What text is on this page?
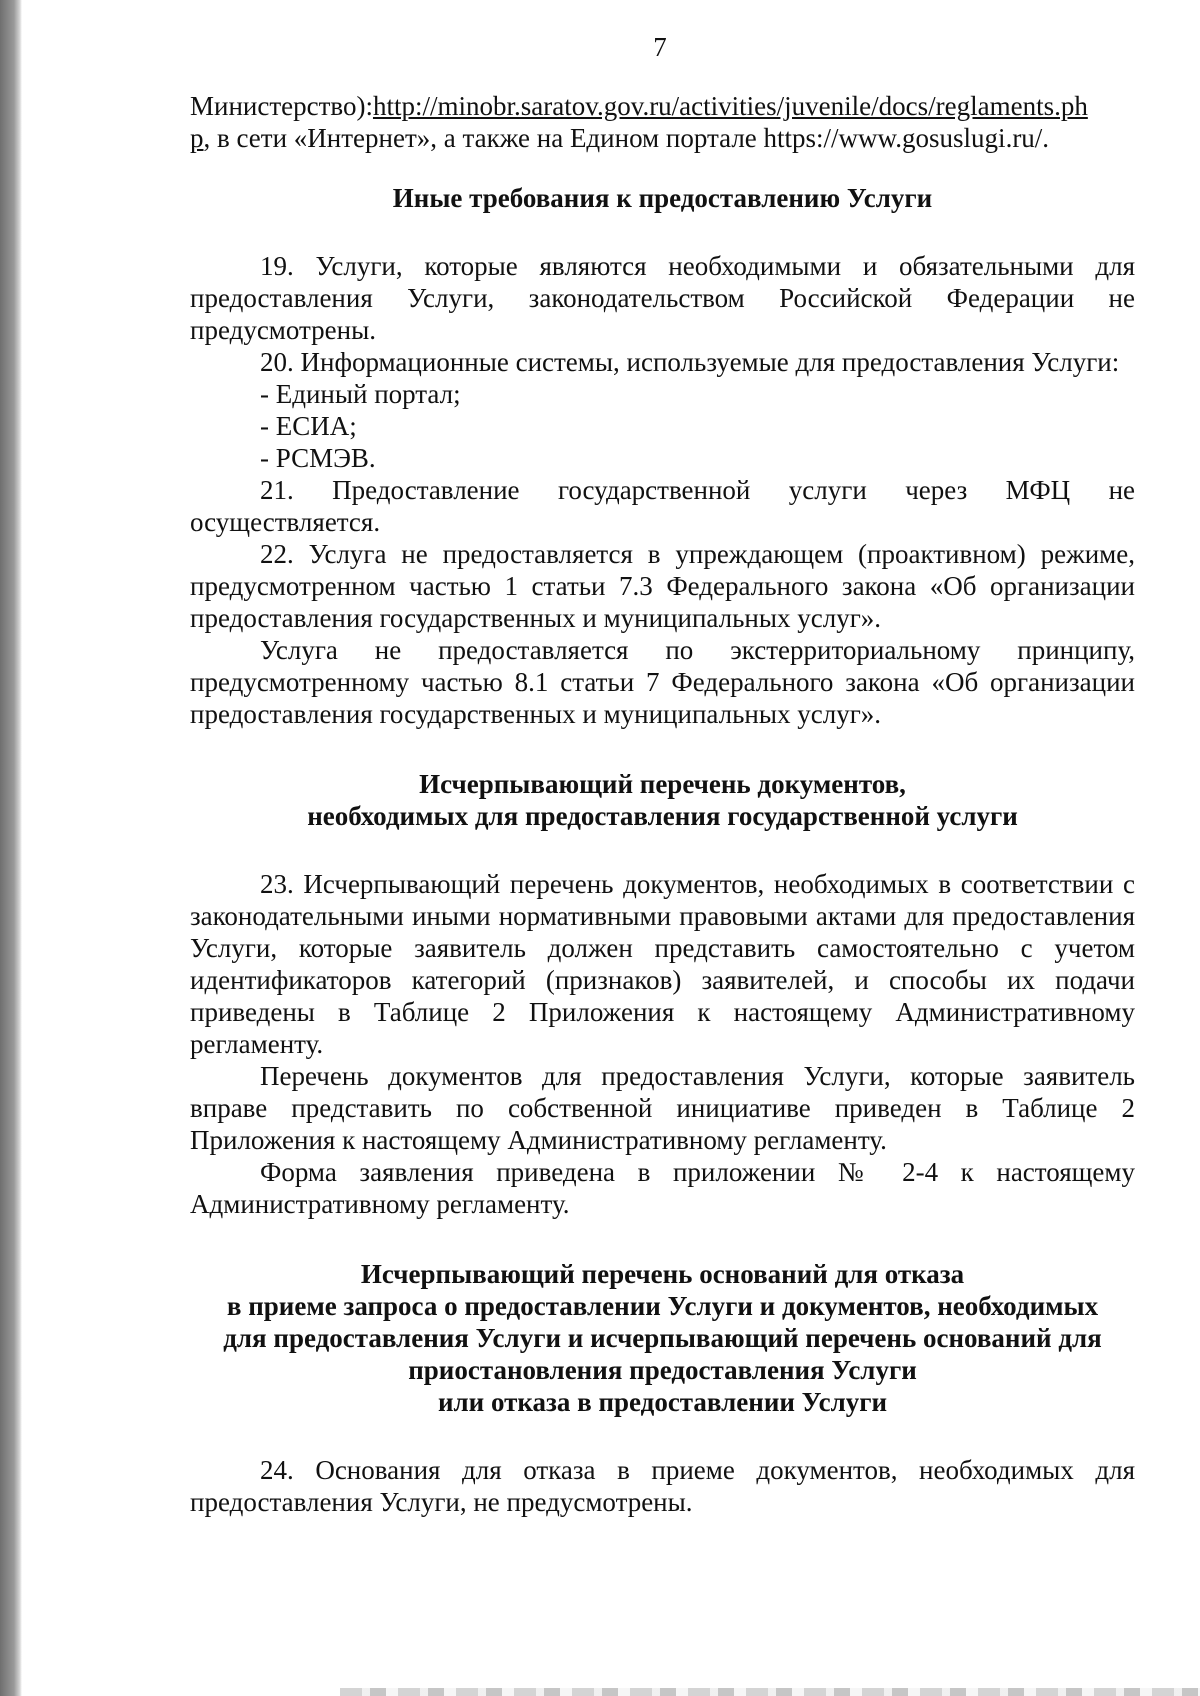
7

Министерство):http://minobr.saratov.gov.ru/activities/juvenile/docs/reglaments.ph
p, в сети «Интернет», а также на Едином портале https://www.gosuslugi.ru/.

Иные требования к предоставлению Услуги

19. Услуги, которые являются необходимыми и обязательными для предоставления Услуги, законодательством Российской Федерации не предусмотрены.

20. Информационные системы, используемые для предоставления Услуги:

- Единый портал;
- ЕСИА;
- РСМЭВ.

21. Предоставление государственной услуги через МФЦ не осуществляется.

22. Услуга не предоставляется в упреждающем (проактивном) режиме, предусмотренном частью 1 статьи 7.3 Федерального закона «Об организации предоставления государственных и муниципальных услуг».

Услуга не предоставляется по экстерриториальному принципу, предусмотренному частью 8.1 статьи 7 Федерального закона «Об организации предоставления государственных и муниципальных услуг».

Исчерпывающий перечень документов,
необходимых для предоставления государственной услуги

23. Исчерпывающий перечень документов, необходимых в соответствии с законодательными иными нормативными правовыми актами для предоставления Услуги, которые заявитель должен представить самостоятельно с учетом идентификаторов категорий (признаков) заявителей, и способы их подачи приведены в Таблице 2 Приложения к настоящему Административному регламенту.

Перечень документов для предоставления Услуги, которые заявитель вправе представить по собственной инициативе приведен в Таблице 2 Приложения к настоящему Административному регламенту.

Форма заявления приведена в приложении № 2-4 к настоящему Административному регламенту.

Исчерпывающий перечень оснований для отказа
в приеме запроса о предоставлении Услуги и документов, необходимых
для предоставления Услуги и исчерпывающий перечень оснований для
приостановления предоставления Услуги
или отказа в предоставлении Услуги

24. Основания для отказа в приеме документов, необходимых для предоставления Услуги, не предусмотрены.
